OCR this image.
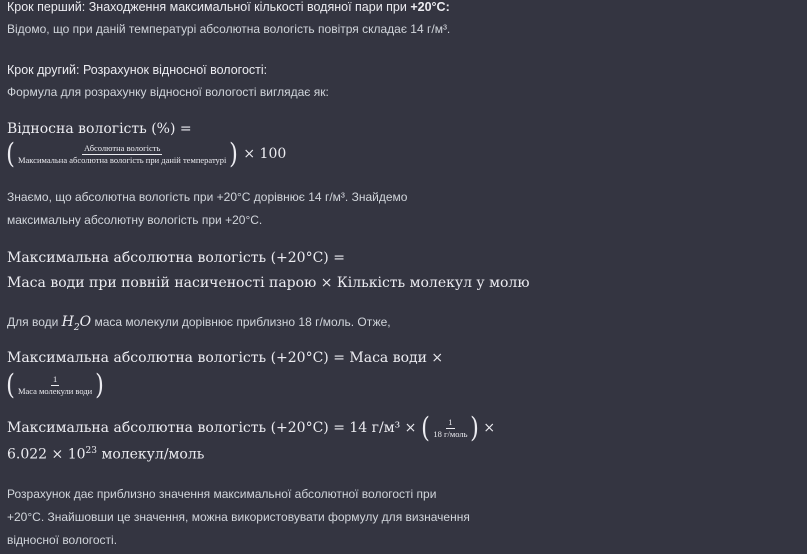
Крок перший: Знаходження максимальної кількості водяної пари при +20°C:
Відомо, що при даній температурі абсолютна вологість повітря складає 14 г/м³.
Крок другий: Розрахунок відносної вологості:
Формула для розрахунку відносної вологості виглядає як:
Відносна вологість (%) =
( $\frac{\text{Абсолютна вологість}}{\text{Максимальна абсолютна вологість при даній температурі}}$ ) × 100
Знаємо, що абсолютна вологість при +20°C дорівнює 14 г/м³. Знайдемо
максимальну абсолютну вологість при +20°C.
Максимальна абсолютна вологість (+20°C) =
Маса води при повній насиченості парою × Кількість молекул у молю
Для води $H_2O$ маса молекули дорівнює приблизно 18 г/моль. Отже,
Максимальна абсолютна вологість (+20°C) = Маса води ×
( $\frac{1}{\text{Маса молекули води}}$ )
Максимальна абсолютна вологість (+20°C) = 14 г/м³ × ( $\frac{1}{\text{18 г/моль}}$ ) ×
$6.022 \times 10^{23}$ молекул/моль
Розрахунок дає приблизно значення максимальної абсолютної вологості при
+20°C. Знайшовши це значення, можна використовувати формулу для визначення
відносної вологості.
